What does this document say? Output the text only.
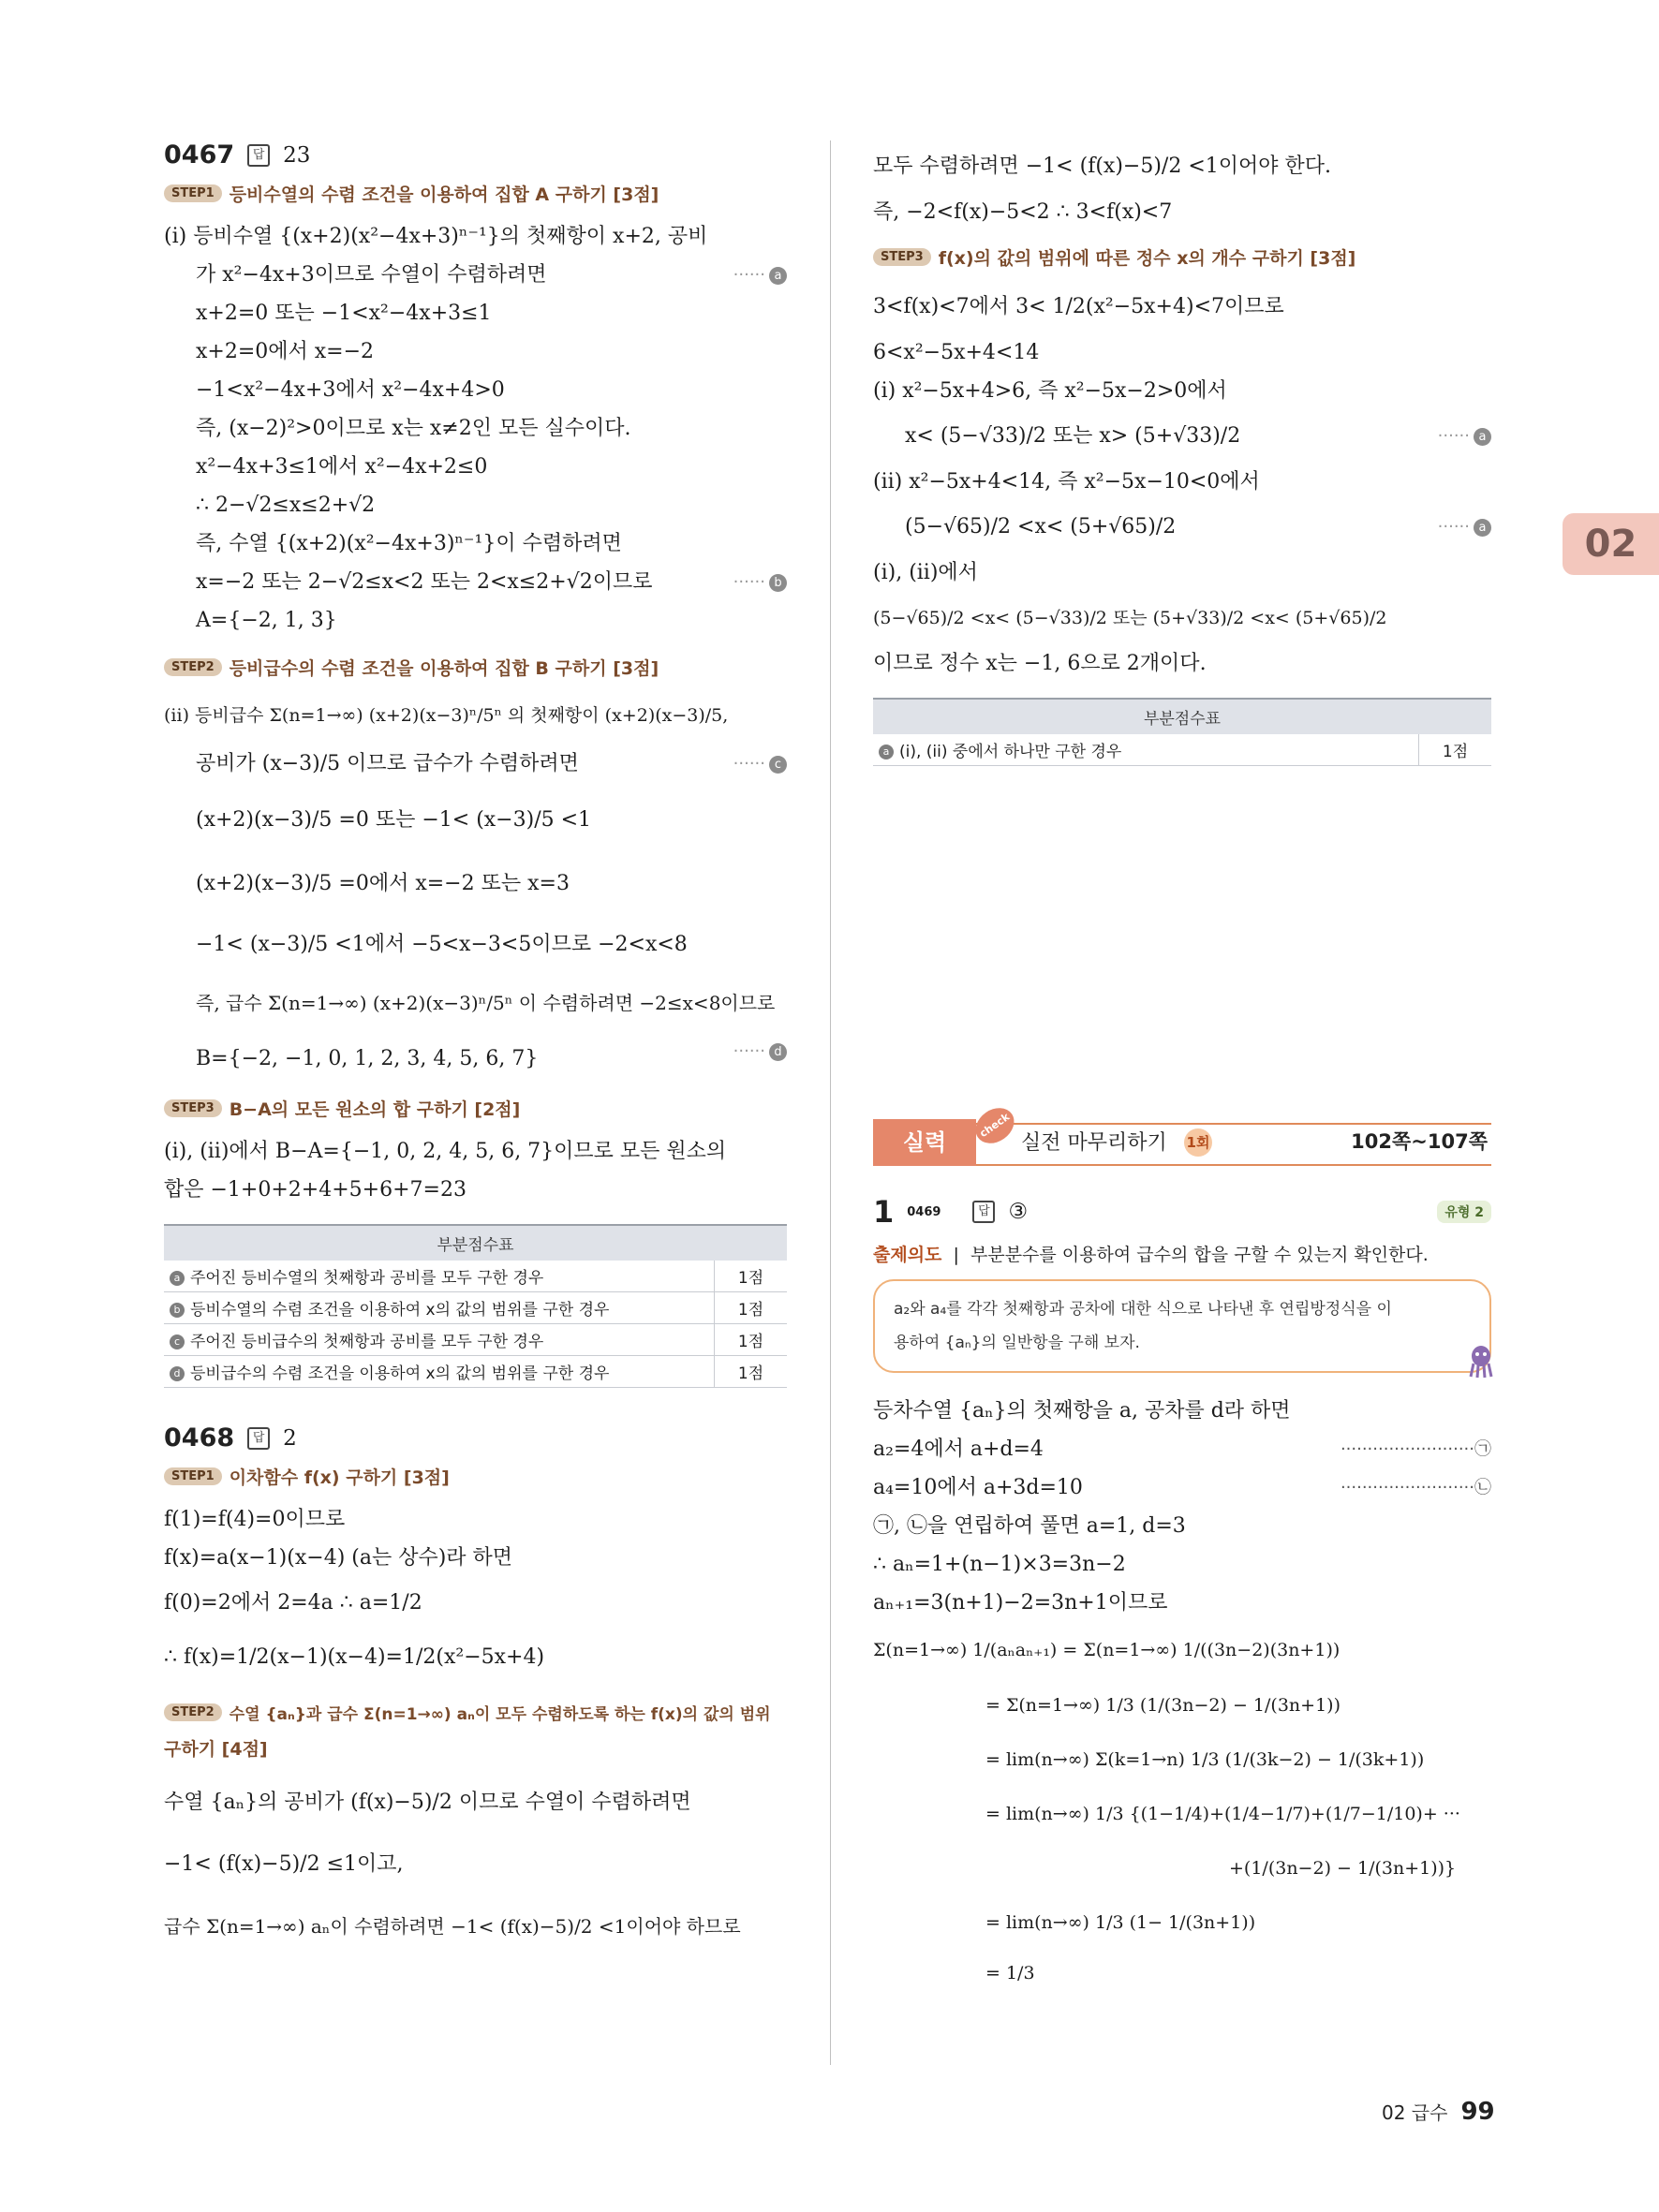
02
0467	답 23
STEP1 등비수열의 수렴 조건을 이용하여 집합 A 구하기 [3점]
(i) 등비수열 {(x+2)(x²−4x+3)ⁿ⁻¹}의 첫째항이 x+2, 공비
가 x²−4x+3이므로 수열이 수렴하려면	······ a
x+2=0 또는 −1<x²−4x+3≤1
x+2=0에서 x=−2
−1<x²−4x+3에서 x²−4x+4>0
즉, (x−2)²>0이므로 x는 x≠2인 모든 실수이다.
x²−4x+3≤1에서 x²−4x+2≤0
∴ 2−√2≤x≤2+√2
즉, 수열 {(x+2)(x²−4x+3)ⁿ⁻¹}이 수렴하려면
x=−2 또는 2−√2≤x<2 또는 2<x≤2+√2이므로	······ b
A={−2, 1, 3}
STEP2 등비급수의 수렴 조건을 이용하여 집합 B 구하기 [3점]
(ii) 등비급수 Σ(n=1→∞) (x+2)(x−3)ⁿ/5ⁿ 의 첫째항이 (x+2)(x−3)/5,
공비가 (x−3)/5 이므로 급수가 수렴하려면	······ c
(x+2)(x−3)/5 =0 또는 −1< (x−3)/5 <1
(x+2)(x−3)/5 =0에서 x=−2 또는 x=3
−1< (x−3)/5 <1에서 −5<x−3<5이므로 −2<x<8
즉, 급수 Σ(n=1→∞) (x+2)(x−3)ⁿ/5ⁿ 이 수렴하려면 −2≤x<8이므로
······ d
B={−2, −1, 0, 1, 2, 3, 4, 5, 6, 7}
STEP3 B−A의 모든 원소의 합 구하기 [2점]
(i), (ii)에서 B−A={−1, 0, 2, 4, 5, 6, 7}이므로 모든 원소의
합은 −1+0+2+4+5+6+7=23
부분점수표	
a 주어진 등비수열의 첫째항과 공비를 모두 구한 경우	1점
b 등비수열의 수렴 조건을 이용하여 x의 값의 범위를 구한 경우	1점
c 주어진 등비급수의 첫째항과 공비를 모두 구한 경우	1점
d 등비급수의 수렴 조건을 이용하여 x의 값의 범위를 구한 경우	1점
0468	답 2
STEP1 이차함수 f(x) 구하기 [3점]
f(1)=f(4)=0이므로
f(x)=a(x−1)(x−4) (a는 상수)라 하면
f(0)=2에서 2=4a ∴ a=1/2
∴ f(x)=1/2(x−1)(x−4)=1/2(x²−5x+4)
STEP2 수열 {aₙ}과 급수 Σ(n=1→∞) aₙ이 모두 수렴하도록 하는 f(x)의 값의 범위
구하기 [4점]
수열 {aₙ}의 공비가 (f(x)−5)/2 이므로 수열이 수렴하려면
−1< (f(x)−5)/2 ≤1이고,
급수 Σ(n=1→∞) aₙ이 수렴하려면 −1< (f(x)−5)/2 <1이어야 하므로
모두 수렴하려면 −1< (f(x)−5)/2 <1이어야 한다.
즉, −2<f(x)−5<2 ∴ 3<f(x)<7
STEP3 f(x)의 값의 범위에 따른 정수 x의 개수 구하기 [3점]
3<f(x)<7에서 3< 1/2(x²−5x+4)<7이므로
6<x²−5x+4<14
(i) x²−5x+4>6, 즉 x²−5x−2>0에서
x< (5−√33)/2 또는 x> (5+√33)/2	······ a
(ii) x²−5x+4<14, 즉 x²−5x−10<0에서
(5−√65)/2 <x< (5+√65)/2	······ a
(i), (ii)에서
(5−√65)/2 <x< (5−√33)/2 또는 (5+√33)/2 <x< (5+√65)/2
이므로 정수 x는 −1, 6으로 2개이다.
부분점수표
a (i), (ii) 중에서 하나만 구한 경우	1점
실력
check
실전 마무리하기 1회	102쪽~107쪽
1 0469	답 ③	유형 2
출제의도  |  부분분수를 이용하여 급수의 합을 구할 수 있는지 확인한다.
a₂와 a₄를 각각 첫째항과 공차에 대한 식으로 나타낸 후 연립방정식을 이
용하여 {aₙ}의 일반항을 구해 보자.
등차수열 {aₙ}의 첫째항을 a, 공차를 d라 하면
a₂=4에서 a+d=4	·························㉠
a₄=10에서 a+3d=10	·························㉡
㉠, ㉡을 연립하여 풀면 a=1, d=3
∴ aₙ=1+(n−1)×3=3n−2
aₙ₊₁=3(n+1)−2=3n+1이므로
Σ(n=1→∞) 1/(aₙaₙ₊₁) = Σ(n=1→∞) 1/((3n−2)(3n+1))
= Σ(n=1→∞) 1/3 (1/(3n−2) − 1/(3n+1))
= lim(n→∞) Σ(k=1→n) 1/3 (1/(3k−2) − 1/(3k+1))
= lim(n→∞) 1/3 {(1−1/4)+(1/4−1/7)+(1/7−1/10)+ ···
+(1/(3n−2) − 1/(3n+1))}
= lim(n→∞) 1/3 (1− 1/(3n+1))
= 1/3
02 급수 99
